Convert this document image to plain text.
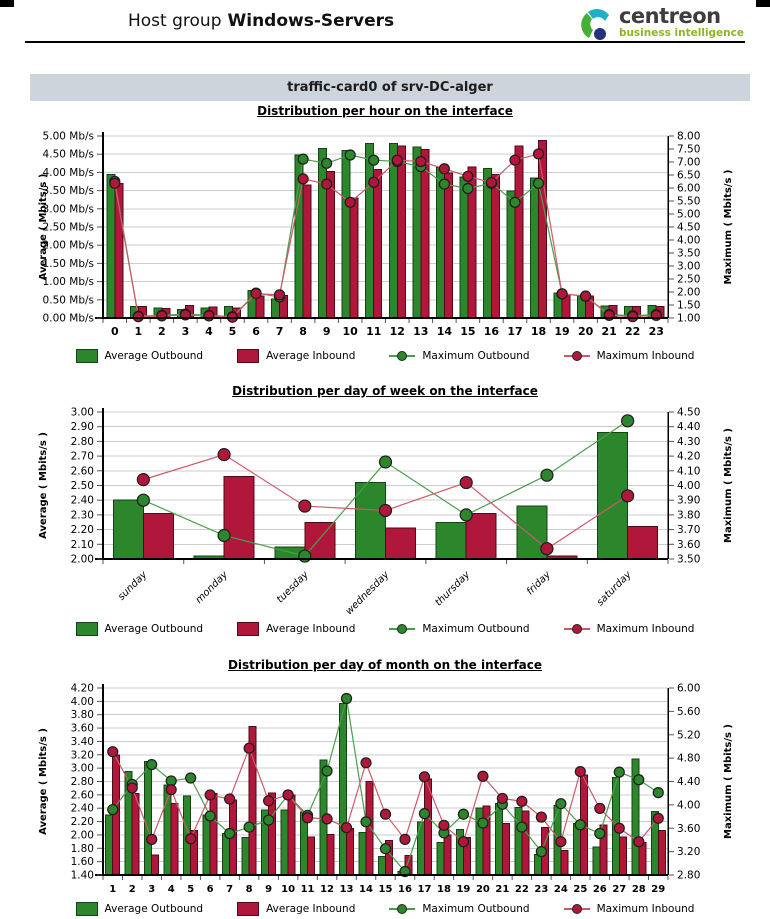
Host group Windows-Servers	centreon
business intelligence
traffic-card0 of srv-DC-alger
Distribution per hour on the interface
5.00 Mb/s
4.50 Mb/s
4.00 Mb/s
3.50 Mb/s
3.00 Mb/s
2.50 Mb/s
2.00 Mb/s
1.50 Mb/s
1.00 Mb/s
0.50 Mb/s
0.00 Mb/s
8.00
7.50
7.00
6.50
6.00
5.50
5.00
4.50
4.00
3.50
3.00
2.50
2.00
1.50
1.00
0 1 2 3 4 5 6 7 8 9 10 11 12 13 14 15 16 17 18 19 20 21 22 23
Average ( Mbits/s )	Maximum ( Mbits/s )
Average Outbound	Average Inbound	Maximum Outbound	Maximum Inbound
Distribution per day of week on the interface
3.00
2.90
2.80
2.70
2.60
2.50
2.40
2.30
2.20
2.10
2.00
4.50
4.40
4.30
4.20
4.10
4.00
3.90
3.80
3.70
3.60
3.50
sunday	monday	tuesday	wednesday	thursday	friday	saturday
Average ( Mbits/s )	Maximum ( Mbits/s )
Average Outbound	Average Inbound	Maximum Outbound	Maximum Inbound
Distribution per day of month on the interface
4.20
4.00
3.80
3.60
3.40
3.20
3.00
2.80
2.60
2.40
2.20
2.00
1.80
1.60
1.40
6.00
5.60
5.20
4.80
4.40
4.00
3.60
3.20
2.80
1 2 3 4 5 6 7 8 9 10 11 12 13 14 15 16 17 18 19 20 21 22 23 24 25 26 27 28 29
Average ( Mbits/s )	Maximum ( Mbits/s )
Average Outbound	Average Inbound	Maximum Outbound	Maximum Inbound
